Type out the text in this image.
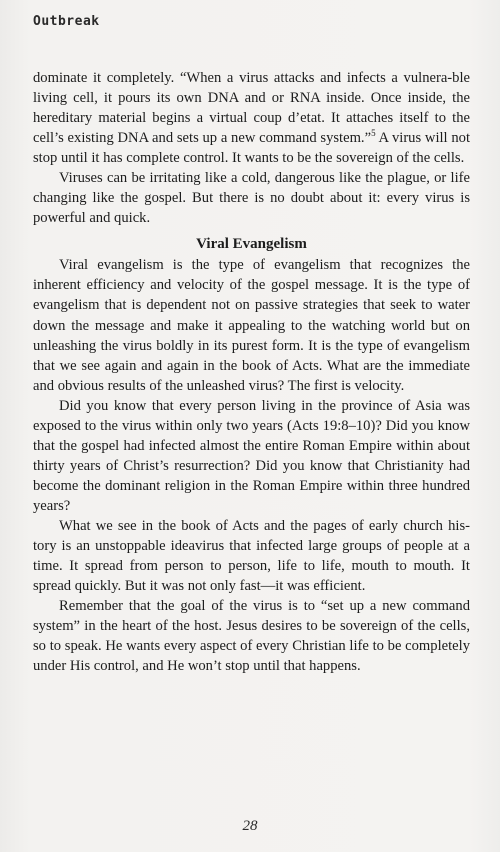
Outbreak

dominate it completely. “When a virus attacks and infects a vulnera-ble living cell, it pours its own DNA and or RNA inside. Once inside, the hereditary material begins a virtual coup d’etat. It attaches itself to the cell’s existing DNA and sets up a new command system.”$^5$ A virus will not stop until it has complete control. It wants to be the sovereign of the cells.

Viruses can be irritating like a cold, dangerous like the plague, or life changing like the gospel. But there is no doubt about it: every virus is powerful and quick.

Viral Evangelism

Viral evangelism is the type of evangelism that recognizes the inherent efficiency and velocity of the gospel message. It is the type of evangelism that is dependent not on passive strategies that seek to water down the message and make it appealing to the watching world but on unleashing the virus boldly in its purest form. It is the type of evangelism that we see again and again in the book of Acts. What are the immediate and obvious results of the unleashed virus? The first is velocity.

Did you know that every person living in the province of Asia was exposed to the virus within only two years (Acts 19:8–10)? Did you know that the gospel had infected almost the entire Roman Empire within about thirty years of Christ’s resurrection? Did you know that Christianity had become the dominant religion in the Roman Empire within three hundred years?

What we see in the book of Acts and the pages of early church his-tory is an unstoppable ideavirus that infected large groups of people at a time. It spread from person to person, life to life, mouth to mouth. It spread quickly. But it was not only fast—it was efficient.

Remember that the goal of the virus is to “set up a new command system” in the heart of the host. Jesus desires to be sovereign of the cells, so to speak. He wants every aspect of every Christian life to be completely under His control, and He won’t stop until that happens.

28
